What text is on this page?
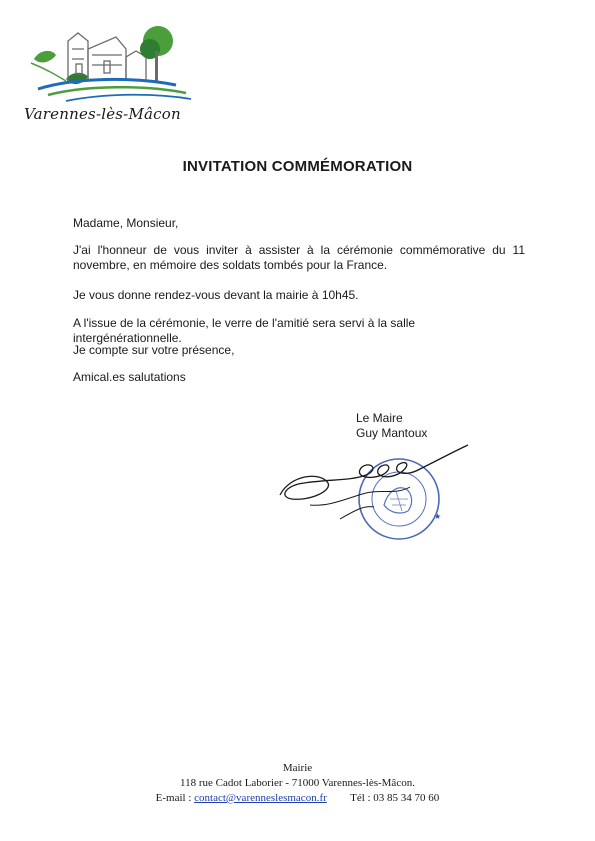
Varennes-lès-Mâcon
INVITATION COMMÉMORATION
Madame, Monsieur,
J'ai l'honneur de vous inviter à assister à la cérémonie commémorative du 11 novembre, en mémoire des soldats tombés pour la France.
Je vous donne rendez-vous devant la mairie à 10h45.
A l'issue de la cérémonie, le verre de l'amitié sera servi à la salle intergénérationnelle.
Je compte sur votre présence,
Amical.es salutations
Le Maire
Guy Mantoux
★
Mairie
118 rue Cadot Laborier - 71000 Varennes-lès-Mâcon.
E-mail : contact@varenneslesmacon.fr Tél : 03 85 34 70 60
